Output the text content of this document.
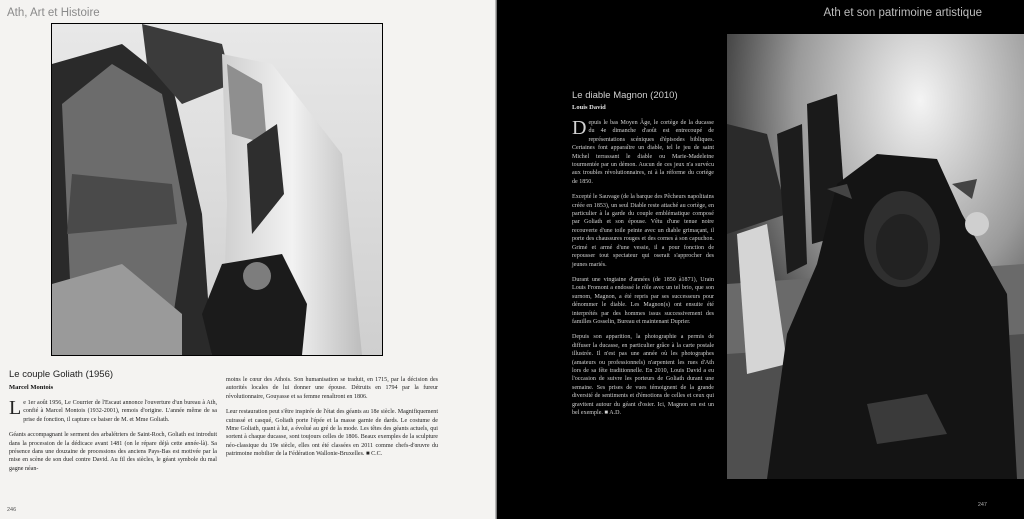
Ath, Art et Histoire
Le couple Goliath (1956)
Marcel Montois

Le 1er août 1956, Le Courrier de l'Escaut annonce l'ouverture d'un bureau à Ath, confié à Marcel Montois (1932-2001), remois d'origine. L'année même de sa prise de fonction, il capture ce baiser de M. et Mme Goliath.

Géants accompagnant le serment des arbalétriers de Saint-Roch, Goliath est introduit dans la procession de la dédicace avant 1481 (on le répare déjà cette année-là). Sa présence dans une douzaine de processions des anciens Pays-Bas est motivée par la mise en scène de son duel contre David. Au fil des siècles, le géant symbole du mal gagne néan-

moins le cœur des Athois. Son humanisation se traduit, en 1715, par la décision des autorités locales de lui donner une épouse. Détruits en 1794 par la fureur révolutionnaire, Gouyasse et sa femme renaîtront en 1806.

Leur restauration peut s'être inspirée de l'état des géants au 18e siècle. Magnifiquement cuirassé et casqué, Goliath porte l'épée et la masse garnie de dards. Le costume de Mme Goliath, quant à lui, a évolué au gré de la mode. Les têtes des géants actuels, qui sortent à chaque ducasse, sont toujours celles de 1806. Beaux exemples de la sculpture néo-classique du 19e siècle, elles ont été classées en 2011 comme chefs-d'œuvre du patrimoine mobilier de la Fédération Wallonie-Bruxelles. ■ C.C.

246
Ath et son patrimoine artistique
Le diable Magnon (2010)
Louis David

Depuis le bas Moyen Âge, le cortège de la ducasse du 4e dimanche d'août est entrecoupé de représentations scéniques d'épisodes bibliques. Certaines font apparaître un diable, tel le jeu de saint Michel terrassant le diable ou Marie-Madeleine tourmentée par un démon. Aucun de ces jeux n'a survécu aux troubles révolutionnaires, ni à la réforme du cortège de 1850.

Excepté le Sauvage (de la barque des Pêcheurs napolitains créée en 1853), un seul Diable reste attaché au cortège, en particulier à la garde du couple emblématique composé par Goliath et son épouse. Vêtu d'une tenue noire recouverte d'une toile peinte avec un diable grimaçant, il porte des chaussures rouges et des cornes à son capuchon. Grimé et armé d'une vessie, il a pour fonction de repousser tout spectateur qui oserait s'approcher des jeunes mariés.

Durant une vingtaine d'années (de 1850 à1871), Urain Louis Fromont a endossé le rôle avec un tel brio, que son surnom, Magnon, a été repris par ses successeurs pour dénommer le diable. Les Magnon(s) ont ensuite été interprétés par des hommes issus successivement des familles Gosselin, Bureau et maintenant Duprier.

Depuis son apparition, la photographie a permis de diffuser la ducasse, en particulier grâce à la carte postale illustrée. Il n'est pas une année où les photographes (amateurs ou professionnels) n'arpentent les rues d'Ath lors de sa fête traditionnelle. En 2010, Louis David a eu l'occasion de suivre les porteurs de Goliath durant une semaine. Ses prises de vues témoignent de la grande diversité de sentiments et d'émotions de celles et ceux qui gravitent autour du géant d'osier. Ici, Magnon en est un bel exemple. ■ A.D.

247
